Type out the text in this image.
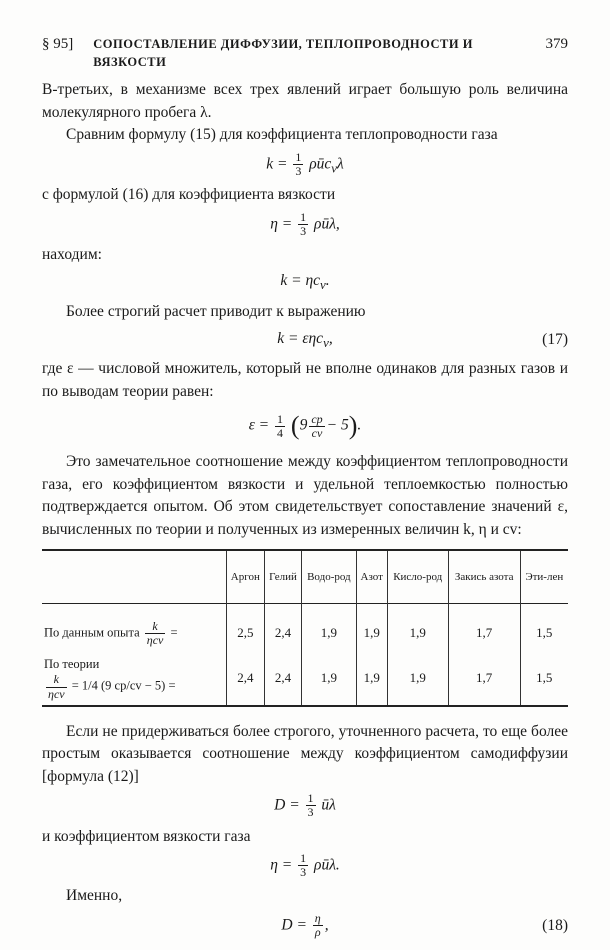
§ 95] СОПОСТАВЛЕНИЕ ДИФФУЗИИ, ТЕПЛОПРОВОДНОСТИ И ВЯЗКОСТИ
379

В-третьих, в механизме всех трех явлений играет большую роль величина молекулярного пробега λ.

Сравним формулу (15) для коэффициента теплопроводности газа

$k = \frac{1}{3}$ ρūc$_v$λ

с формулой (16) для коэффициента вязкости

$\eta = \frac{1}{3}$ ρūλ,

находим:

$k = \eta c_v$.

Более строгий расчет приводит к выражению

k = εηc$_v$,	(17)

где ε — числовой множитель, который не вполне одинаков для разных газов и по выводам теории равен:

$\varepsilon = \frac{1}{4} (9 \frac{cp}{cv} - 5)$.

Это замечательное соотношение между коэффициентом теплопроводности газа, его коэффициентом вязкости и удельной теплоемкостью полностью подтверждается опытом. Об этом свидетельствует сопоставление значений ε, вычисленных по теории и полученных из измеренных величин k, η и cv:

	Аргон	Гелий	Водо-род	Азот	Кисло-род	Закись азота	Эти-лен
По данным опыта $\frac{k}{\text{ηcv}}$ =	2,5	2,4	1,9	1,9	1,9	1,7	1,5

По теории
$\frac{k}{\text{ηcv}} = 1/4$ (9 cp/cv − 5) =	2,4	2,4	1,9	1,9	1,9	1,7	1,5

Если не придерживаться более строгого, уточненного расчета, то еще более простым оказывается соотношение между коэффициентом самодиффузии [формула (12)]

$D = \frac{1}{3}$ ūλ

и коэффициентом вязкости газа

$\eta = \frac{1}{3}$ ρūλ.

Именно,

$D = \frac{\eta}{\rho}$ ,	(18)
